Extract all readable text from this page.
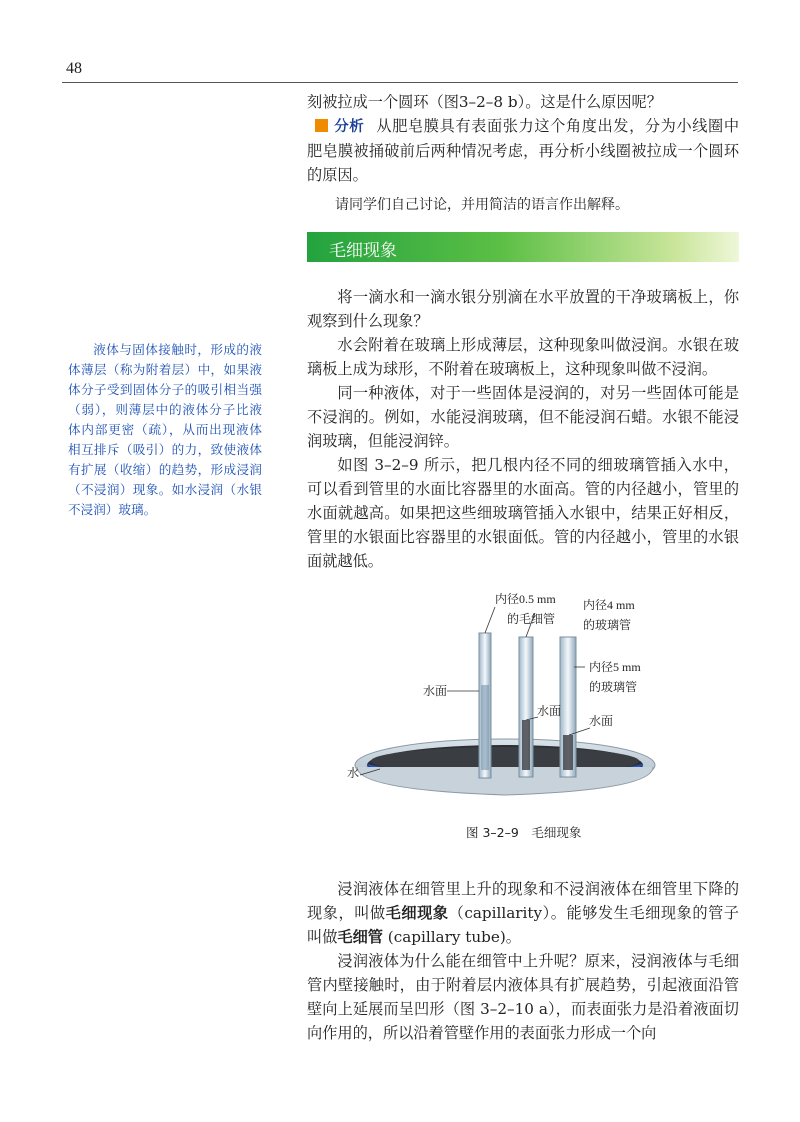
48
液体与固体接触时，形成的液体薄层（称为附着层）中，如果液体分子受到固体分子的吸引相当强（弱），则薄层中的液体分子比液体内部更密（疏），从而出现液体相互排斥（吸引）的力，致使液体有扩展（收缩）的趋势，形成浸润（不浸润）现象。如水浸润（水银不浸润）玻璃。

刻被拉成一个圆环（图3–2–8 b）。这是什么原因呢？

分析 从肥皂膜具有表面张力这个角度出发，分为小线圈中肥皂膜被捅破前后两种情况考虑，再分析小线圈被拉成一个圆环的原因。

请同学们自己讨论，并用简洁的语言作出解释。

毛细现象

将一滴水和一滴水银分别滴在水平放置的干净玻璃板上，你观察到什么现象？

水会附着在玻璃上形成薄层，这种现象叫做浸润。水银在玻璃板上成为球形，不附着在玻璃板上，这种现象叫做不浸润。

同一种液体，对于一些固体是浸润的，对另一些固体可能是不浸润的。例如，水能浸润玻璃，但不能浸润石蜡。水银不能浸润玻璃，但能浸润锌。

如图 3–2–9 所示，把几根内径不同的细玻璃管插入水中，可以看到管里的水面比容器里的水面高。管的内径越小，管里的水面就越高。如果把这些细玻璃管插入水银中，结果正好相反，管里的水银面比容器里的水银面低。管的内径越小，管里的水银面就越低。

内径0.5 mm
的毛细管
内径4 mm
的玻璃管
内径5 mm
的玻璃管
水面
水面
水面
水
图 3–2–9　毛细现象

浸润液体在细管里上升的现象和不浸润液体在细管里下降的现象，叫做毛细现象（capillarity）。能够发生毛细现象的管子叫做毛细管 (capillary tube)。

浸润液体为什么能在细管中上升呢？原来，浸润液体与毛细管内壁接触时，由于附着层内液体具有扩展趋势，引起液面沿管壁向上延展而呈凹形（图 3–2–10 a），而表面张力是沿着液面切向作用的，所以沿着管壁作用的表面张力形成一个向
